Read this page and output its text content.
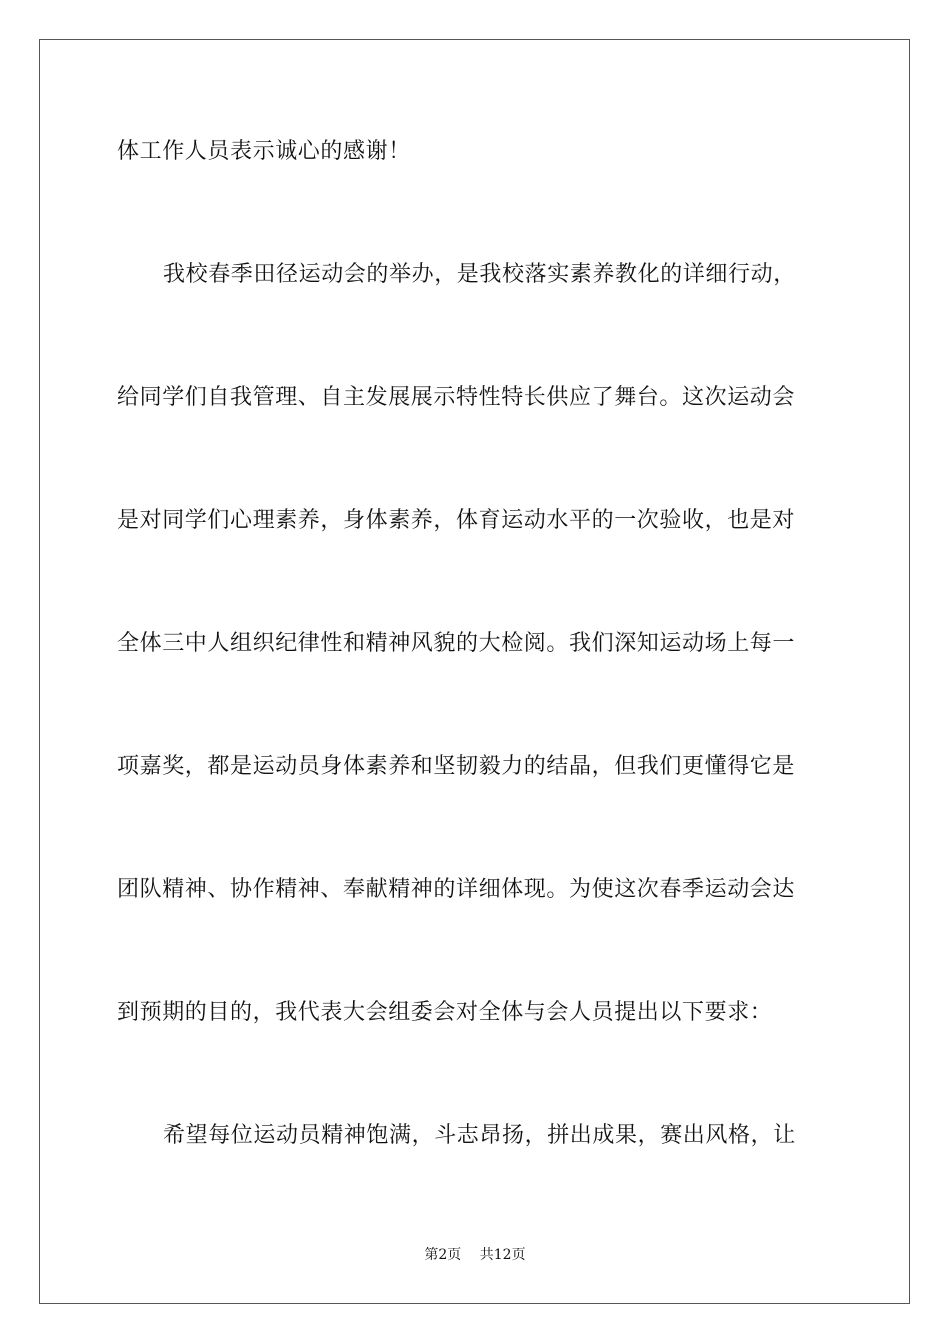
体工作人员表示诚心的感谢！
我校春季田径运动会的举办，是我校落实素养教化的详细行动，
给同学们自我管理、自主发展展示特性特长供应了舞台。这次运动会
是对同学们心理素养，身体素养，体育运动水平的一次验收，也是对
全体三中人组织纪律性和精神风貌的大检阅。我们深知运动场上每一
项嘉奖，都是运动员身体素养和坚韧毅力的结晶，但我们更懂得它是
团队精神、协作精神、奉献精神的详细体现。为使这次春季运动会达
到预期的目的，我代表大会组委会对全体与会人员提出以下要求：
希望每位运动员精神饱满，斗志昂扬，拼出成果，赛出风格，让
第2页 共12页
